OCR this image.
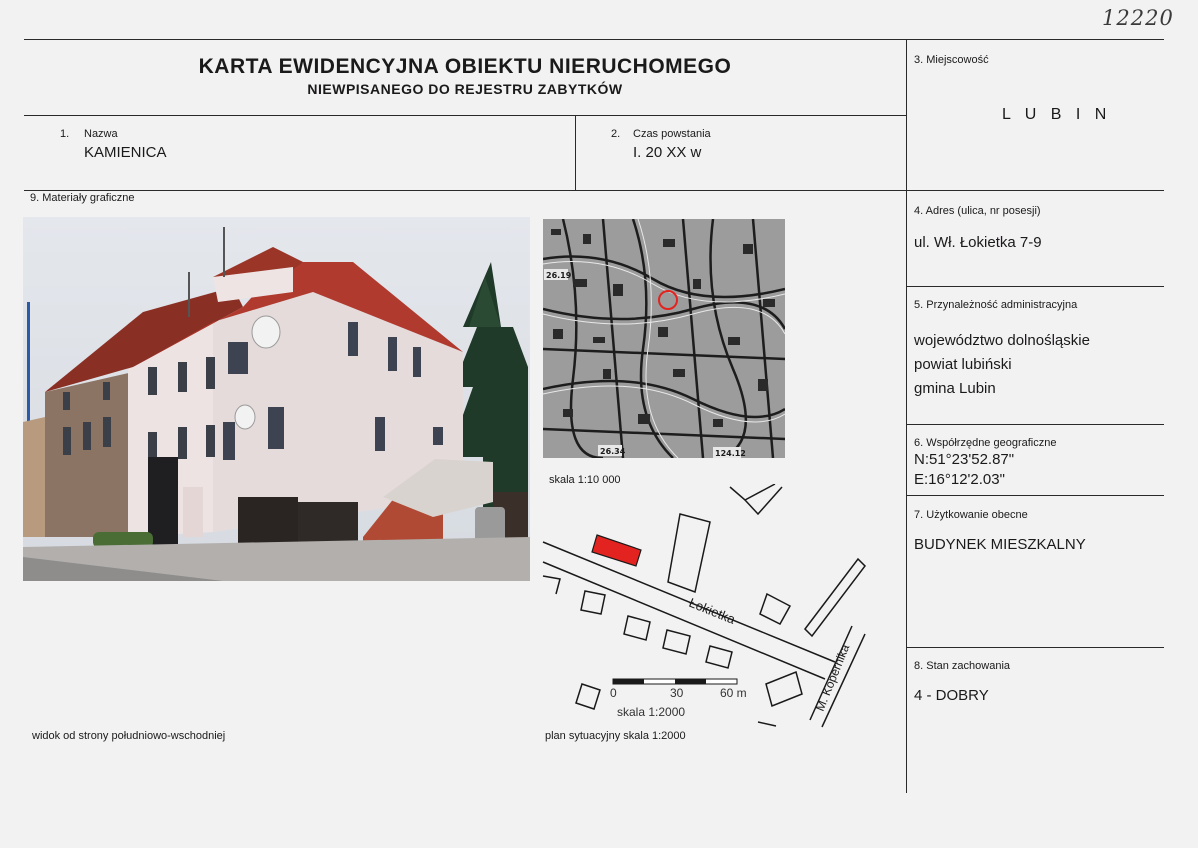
12220
KARTA EWIDENCYJNA OBIEKTU NIERUCHOMEGO
NIEWPISANEGO DO REJESTRU ZABYTKÓW
1. Nazwa
KAMIENICA
2. Czas powstania
I. 20 XX w
3. Miejscowość
L U B I N
4. Adres (ulica, nr posesji)
ul. Wł. Łokietka 7-9
5. Przynależność administracyjna
województwo dolnośląskie
powiat lubiński
gmina Lubin
6. Współrzędne geograficzne
N:51°23'52.87"
E:16°12'2.03"
7. Użytkowanie obecne
BUDYNEK MIESZKALNY
8. Stan zachowania
4 - DOBRY
9. Materiały graficzne
widok od strony południowo-wschodniej
26.19
26.34	124.12
skala 1:10 000
Łokietka
M. Kopernika
0	30	60 m
skala 1:2000
plan sytuacyjny skala 1:2000
